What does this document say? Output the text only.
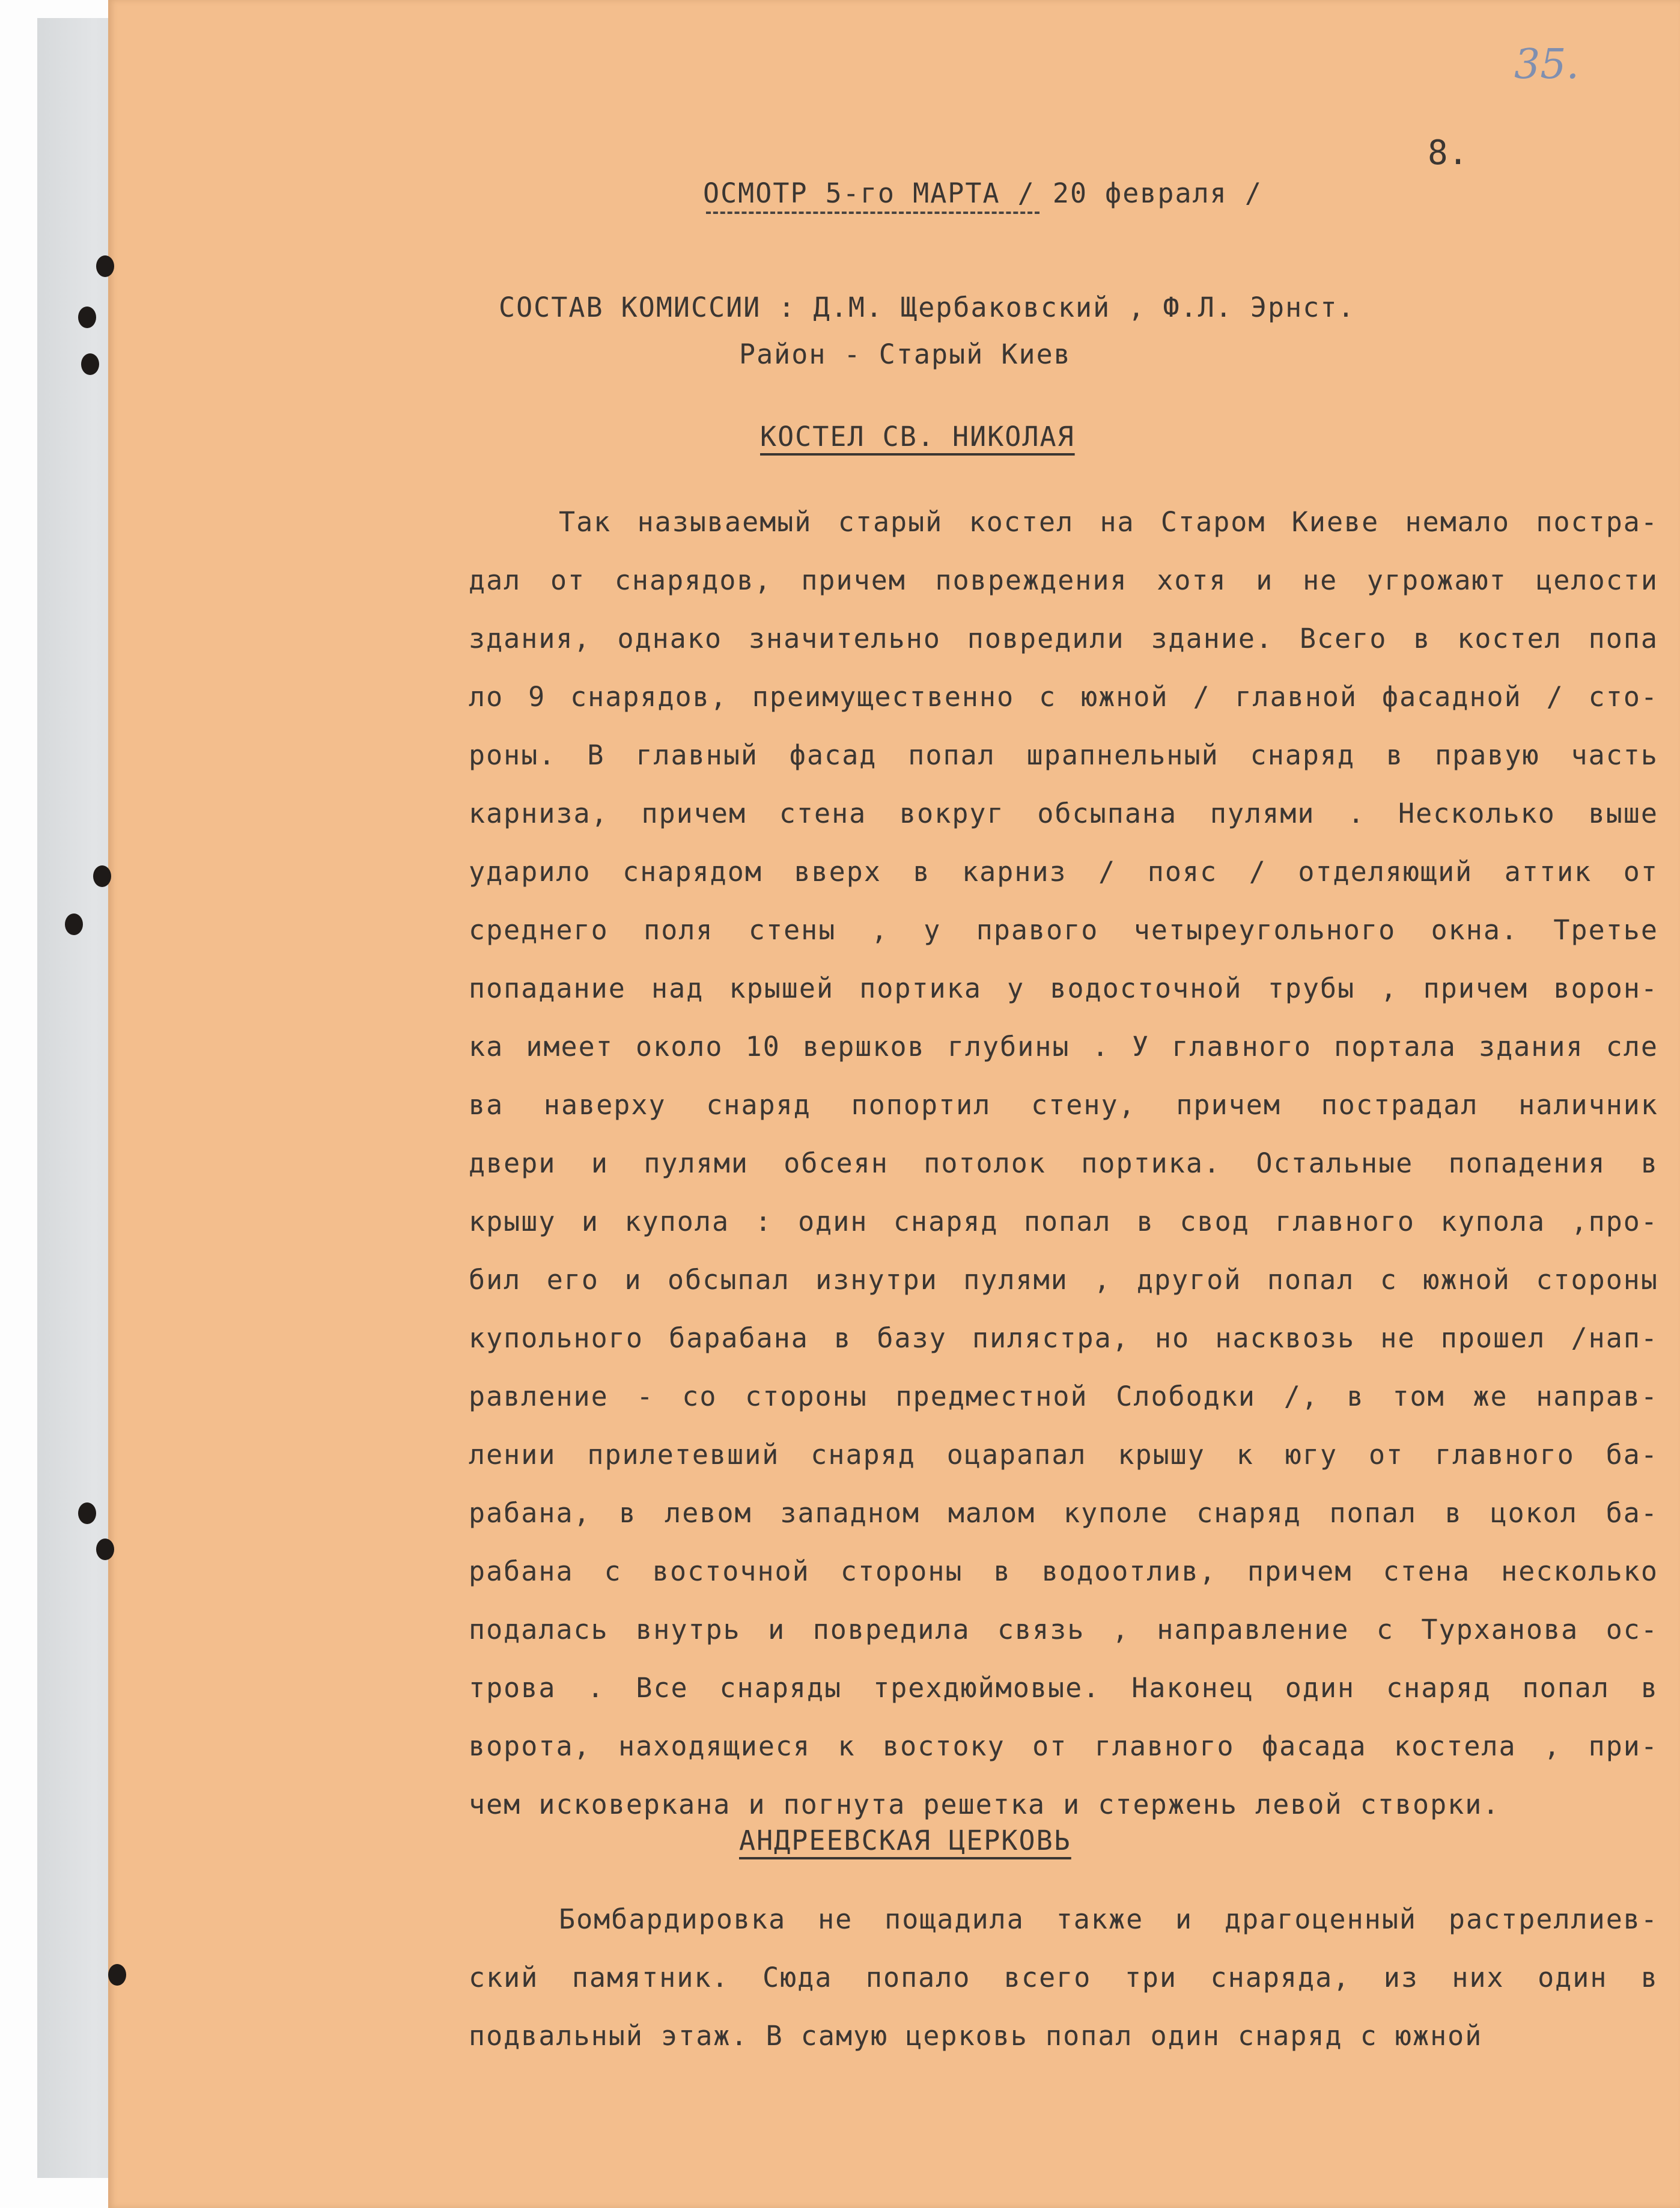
35.
8.
ОСМОТР 5-го МАРТА / 20 февраля /
СОСТАВ КОМИССИИ : Д.М. Щербаковский , Ф.Л. Эрнст.
Район - Старый Киев
КОСТЕЛ СВ. НИКОЛАЯ
Так называемый старый костел на Старом Киеве немало постра-
дал от снарядов, причем повреждения хотя и не угрожают целости
здания, однако значительно повредили здание. Всего в костел попа
ло 9 снарядов, преимущественно с южной / главной фасадной / сто-
роны. В главный фасад попал шрапнельный снаряд в правую часть
карниза, причем стена вокруг обсыпана пулями . Несколько выше
ударило снарядом вверх в карниз / пояс / отделяющий аттик от
среднего поля стены , у правого четыреугольного окна. Третье
попадание над крышей портика у водосточной трубы , причем ворон-
ка имеет около 10 вершков глубины . У главного портала здания сле
ва наверху снаряд попортил стену, причем пострадал наличник
двери и пулями обсеян потолок портика. Остальные попадения в
крышу и купола : один снаряд попал в свод главного купола ,про-
бил его и обсыпал изнутри пулями , другой попал с южной стороны
купольного барабана в базу пилястра, но насквозь не прошел /нап-
равление - со стороны предместной Слободки /, в том же направ-
лении прилетевший снаряд оцарапал крышу к югу от главного ба-
рабана, в левом западном малом куполе снаряд попал в цокол ба-
рабана с восточной стороны в водоотлив, причем стена несколько
подалась внутрь и повредила связь , направление с Турханова ос-
трова . Все снаряды трехдюймовые. Наконец один снаряд попал в
ворота, находящиеся к востоку от главного фасада костела , при-
чем исковеркана и погнута решетка и стержень левой створки.
АНДРЕЕВСКАЯ ЦЕРКОВЬ
Бомбардировка не пощадила также и драгоценный растреллиев-
ский памятник. Сюда попало всего три снаряда, из них один в
подвальный этаж. В самую церковь попал один снаряд с южной
